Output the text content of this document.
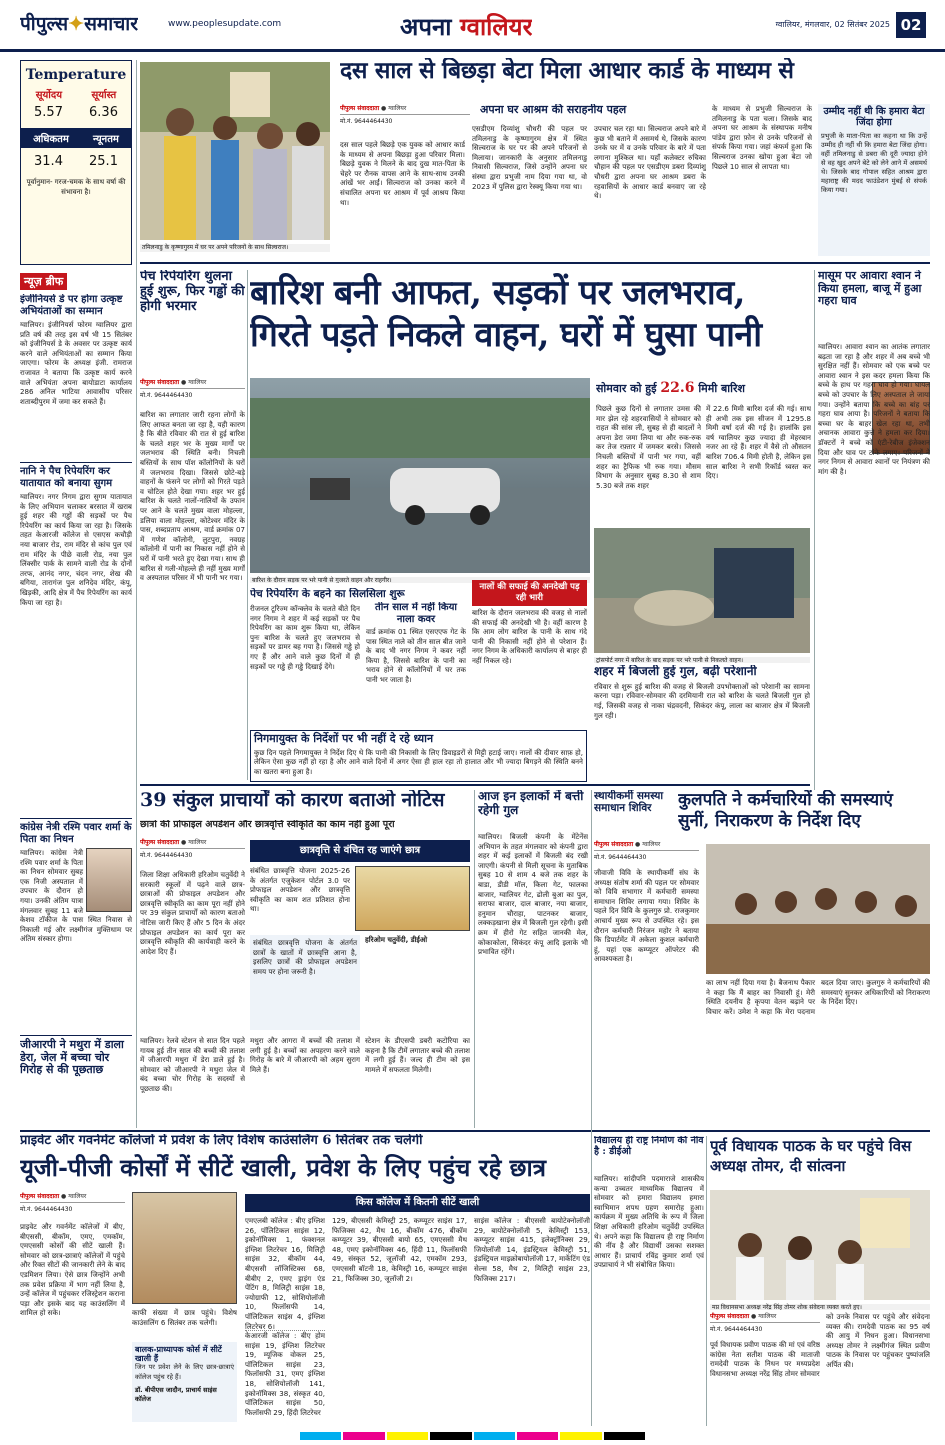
पीपुल्स✦समाचार	www.peoplesupdate.com	अपना ग्वालियर	ग्वालियर, मंगलवार, 02 सितंबर 2025 02
Temperature
सूर्योदय	सूर्यास्त
5.57 6.36
अधिकतम न्यूनतम
31.4 25.1
पूर्वानुमान- गरज-चमक के साथ वर्षा की संभावना है।
न्यूज़ ब्रीफ
इंजीनियर्स डे पर होगा उत्कृष्ट अभियंताओं का सम्मान
ग्वालियर। इंजीनियर्स फोरम ग्वालियर द्वारा प्रति वर्ष की तरह इस वर्ष भी 15 सितंबर को इंजीनियर्स डे के अवसर पर उत्कृष्ट कार्य करने वाले अभियंताओं का सम्मान किया जाएगा। फोरम के अध्यक्ष इंजी. रामराज राजावत ने बताया कि उत्कृष्ट कार्य करने वाले अभियंता अपना बायोडाटा कार्यालय 286 अनिल भाटिया आवासीय परिसर शताब्दीपुरम में जमा कर सकते हैं।
नानि ने पैच रिपेयरिंग कर यातायात को बनाया सुगम
ग्वालियर। नगर निगम द्वारा सुगम यातायात के लिए अभियान चलाकर बरसात में खराब हुई शहर की गड्ढों की सड़कों पर पैच रिपेयरिंग का कार्य किया जा रहा है। जिसके तहत केआरजी कॉलेज से एसएस कचौड़ी नया बाजार रोड, राम मंदिर से कांच पुल एवं राम मंदिर के पीछे वाली रोड, नया पुल लिंक्सीर पार्क के सामने वाली रोड के दोनों तरफ, आनंद नगर, चंदन नगर, शेख की बगिया, तारागंज पुल शनिदेव मंदिर, कंपू, खिड़की, आदि क्षेत्र में पैच रिपेयरिंग का कार्य किया जा रहा है।
कांग्रेस नेत्री रश्मि पवार शर्मा के पिता का निधन
ग्वालियर। कांग्रेस नेत्री रश्मि पवार शर्मा के पिता का निधन सोमवार सुबह एक निजी अस्पताल में उपचार के दौरान हो गया। उनकी अंतिम यात्रा मंगलवार सुबह 11 बजे केशव टॉकीज के पास स्थित निवास से निकाली गई और लक्ष्मीगंज मुक्तिधाम पर अंतिम संस्कार होगा।
जीआरपी ने मथुरा में डाला डेरा, जेल में बच्चा चोर गिरोह से की पूछताछ
तमिलनाडु के कृष्णागुरम में घर पर अपने परिजनों के साथ सिल्वराज।
दस साल से बिछड़ा बेटा मिला आधार कार्ड के माध्यम से
पीपुल्स संवाददाता ● ग्वालियर
मो.नं. 9644464430
अपना घर आश्रम की सराहनीय पहल
दस साल पहले बिछड़े एक युवक को आधार कार्ड के माध्यम से अपना बिछड़ा हुआ परिवार मिला। बिछड़े युवक ने मिलने के बाद दुख मात-पिता के चेहरे पर रौनक वापस आने के साथ-साथ उनकी आंखें भर आईं। सिल्वराज को उनका करने में संचालित अपना घर आश्रम में पूर्व आश्रय किया था।
एसडीएम दिव्यांशु चौधरी की पहल पर तमिलनाडु के कृष्णागुरम क्षेत्र में स्थित सिल्वराज के घर पर की अपने परिजनों से मिलाया। जानकारी के अनुसार तमिलनाडु निवासी सिल्वराज, जिसे उन्होंने अपना घर संस्था द्वारा प्रभुजी नाम दिया गया था, वो 2023 में पुलिस द्वारा रेस्क्यू किया गया था।
उपचार चल रहा था। सिल्वराज अपने बारे में कुछ भी बताने में असमर्थ थे, जिसके कारण उनके घर में व उनके परिवार के बारे में पता लगाना मुश्किल था। यहाँ कलेक्टर रुचिका चौहान की पहल पर एसडीएम डबरा दिव्यांशु चौधरी द्वारा अपना घर आश्रम डबरा के रहवासियों के आधार कार्ड बनवाए जा रहे थे।
के माध्यम से प्रभुजी सिल्वराज के तमिलनाडु के पता चला। जिसके बाद अपना घर आश्रम के संस्थापक मनीष पांडेय द्वारा फ़ोन से उनके परिजनों से संपर्क किया गया। जहां कंफर्म हुआ कि सिल्वराज उनका खोया हुआ बेटा जो पिछले 10 साल से लापता था।
उम्मीद नहीं थी कि हमारा बेटा जिंदा होगा
प्रभुजी के माता-पिता का कहना था कि उन्हें उम्मीद ही नहीं थी कि हमारा बेटा जिंदा होगा। वहीं तमिलनाडु से डबरा की दूरी ज्यादा होने से वह खुद अपने बेटे को लेने आने में असमर्थ थे। जिसके बाद गोपाल सहित आश्रम द्वारा महाराष्ट्र की मदद फाउंडेशन मुंबई से संपर्क किया गया।
पेच रिपेयरिंग थुलना हुई शुरू, फिर गड्ढों की होगी भरमार
पीपुल्स संवाददाता ● ग्वालियर
मो.नं. 9644464430
बारिश का लगातार जारी रहना लोगों के लिए आफत बनता जा रहा है, यही कारण है कि बीते रविवार की रात से हुई बारिश के चलते शहर भर के मुख्य मार्गों पर जलभराव की स्थिति बनी। निचली बस्तियों के साथ पॉश कॉलोनियों के घरों में जलभराव दिखा। जिससे छोटे-बड़े वाहनों के फंसने पर लोगों को गिरते पड़ते व चोटिल होते देखा गया। शहर भर हुई बारिश के चलते नालों-नालियों के उफान पर आने के चलते मुख्य वाला मोहल्ला, डलिया वाला मोहल्ला, कोटेश्वर मंदिर के पास, शब्दप्रताप आश्रम, वार्ड क्रमांक 07 में गणेश कॉलोनी, लुटपुरा, नवग्रह कॉलोनी में पानी का निकास नहीं होने से घरों में पानी भरते हुए देखा गया। साथ ही बारिश से गली-मोहल्ले ही नहीं मुख्य मार्गों व अस्पताल परिसर में भी पानी भर गया।
बारिश बनी आफत, सड़कों पर जलभराव, गिरते पड़ते निकले वाहन, घरों में घुसा पानी
बारिश के दौरान सड़क पर भरे पानी से गुजरते वाहन और राहगीर।
मासूम पर आवारा श्वान ने किया हमला, बाजू में हुआ गहरा घाव
ग्वालियर। आवारा श्वान का आतंक लगातार बढ़ता जा रहा है और शहर में अब बच्चे भी सुरक्षित नहीं हैं। सोमवार को एक बच्चे पर आवारा श्वान ने इस कदर हमला किया कि बच्चे के हाथ पर गहरा घाव हो गया। घायल बच्चे को उपचार के लिए अस्पताल ले जाया गया। उन्होंने बताया कि बच्चे का बांह पर गहरा घाव आया है। परिजनों ने बताया कि बच्चा घर के बाहर खेल रहा था, तभी अचानक आवारा कुत्ते ने हमला कर दिया। डॉक्टरों ने बच्चे को एंटी-रेबीज इंजेक्शन दिया और घाव पर टांके लगाए। परिजनों ने नगर निगम से आवारा श्वानों पर नियंत्रण की मांग की है।
सोमवार को हुई 22.6 मिमी बारिश
पिछले कुछ दिनों से लगातार उमस की मार झेल रहे शहरवासियों ने सोमवार को राहत की सांस ली, सुबह से ही बादलों ने अपना डेरा जमा लिया था और रुक-रुक कर तेज रफ़्तार में जमकर बरसे। जिससे निचली बस्तियों में पानी भर गया, वहीं शहर का ट्रैफिक भी रुक गया। मौसम विभाग के अनुसार सुबह 8.30 से शाम 5.30 बजे तक शहर
में 22.6 मिमी बारिश दर्ज की गई। साथ ही अभी तक इस सीजन में 1295.8 मिमी वर्षा दर्ज की गई है। हालांकि इस वर्ष ग्वालियर कुछ ज्यादा ही मेहरबान नजर आ रहे हैं। शहर में वैसे तो औसतन बारिश 706.4 मिमी होती है, लेकिन इस साल बारिश ने सभी रिकॉर्ड ध्वस्त कर दिए।
पेच रिपेयरिंग के बहने का सिलसिला शुरू
रीजनल टूरिज्म कॉन्क्लेव के चलते बीते दिन नगर निगम ने शहर में कई सड़कों पर पैच रिपेयरिंग का काम शुरू किया था, लेकिन पुनः बारिश के चलते हुए जलभराव से सड़कों पर डामर बह गया है। जिससे गड्ढे हो गए हैं और आने वाले कुछ दिनों में ही सड़कों पर गड्ढे ही गड्ढे दिखाई देंगे।
तीन साल में नहीं किया नाला कवर
वार्ड क्रमांक 01 स्थित एसएएफ गेट के पास स्थित नाले को तीन साल बीत जाने के बाद भी नगर निगम ने कवर नहीं किया है, जिससे बारिश के पानी का भराव होने से कॉलोनियों में घर तक पानी भर जाता है।
नालों की सफाई की अनदेखी पड़ रही भारी
बारिश के दौरान जलभराव की वजह से नालों की सफाई की अनदेखी भी है। वहीं कारण है कि आम लोग बारिश के पानी के साथ गंदे पानी की निकासी नहीं होने से परेशान हैं। नगर निगम के अधिकारी कार्यालय से बाहर ही नहीं निकल रहे।	ट्रांसपोर्ट नगर में बारिश के बाद सड़क पर भरे पानी से निकलते वाहन।
निगमायुक्त के निर्देशों पर भी नहीं दे रहे ध्यान
कुछ दिन पहले निगमायुक्त ने निर्देश दिए थे कि पानी की निकासी के लिए डिवाइडरों से मिट्टी हटाई जाए। नालों की दीवार साफ़ हो, लेकिन ऐसा कुछ नहीं हो रहा है और आने वाले दिनों में अगर ऐसा ही हाल रहा तो हालात और भी ज्यादा बिगड़ने की स्थिति बनने का खतरा बना हुआ है।
शहर में बिजली हुई गुल, बढ़ी परेशानी
रविवार से शुरू हुई बारिश की वजह से बिजली उपभोक्ताओं को परेशानी का सामना करना पड़ा। रविवार-सोमवार की दरमियानी रात को बारिश के चलते बिजली गुल हो गई, जिसकी वजह से नाका चंद्रवदनी, सिकंदर कंपू, लाला का बाजार क्षेत्र में बिजली गुल रही।
39 संकुल प्राचार्यों को कारण बताओ नोटिस
छात्रों की प्रोफाइल अपडेशन और छात्रवृत्ति स्वीकृति का काम नहीं हुआ पूरा
पीपुल्स संवाददाता ● ग्वालियर
मो.नं. 9644464430	छात्रवृत्ति से वंचित रह जाएंगे छात्र
जिला शिक्षा अधिकारी हरिओम चतुर्वेदी ने सरकारी स्कूलों में पढ़ने वाले छात्र-छात्राओं की प्रोफाइल अपडेशन और छात्रवृत्ति स्वीकृति का काम पूरा नहीं होने पर 39 संकुल प्राचार्यों को कारण बताओ नोटिस जारी किए हैं और 5 दिन के अंदर प्रोफाइल अपडेशन का कार्य पूरा कर छात्रवृत्ति स्वीकृति की कार्यवाही करने के आदेश दिए हैं।
संबंधित छात्रवृत्ति योजना 2025-26 के अंतर्गत एजुकेशन पोर्टल 3.0 पर प्रोफाइल अपडेशन और छात्रवृत्ति स्वीकृति का काम शत प्रतिशत होना था।
संबंधित छात्रवृत्ति योजना के अंतर्गत छात्रों के खातों में छात्रवृत्ति आना है, इसलिए छात्रों की प्रोफाइल अपडेशन समय पर होना जरूरी है।
हरिओम चतुर्वेदी, डीईओ
आज इन इलाकों में बत्ती रहेगी गुल
ग्वालियर। बिजली कंपनी के मेंटेनेंस अभियान के तहत मंगलवार को कंपनी द्वारा शहर में कई इलाकों में बिजली बंद रखी जाएगी। कंपनी से मिली सूचना के मुताबिक सुबह 10 से शाम 4 बजे तक शहर के बाडा, डीडी मॉल, किला गेट, फालका बाजार, ग्वालियर गेट, ढोली बुआ का पुल, सराफा बाजार, दाल बाजार, नया बाजार, हनुमान चौराहा, पाटनकर बाजार, लक्कड़खाना क्षेत्र में बिजली गुल रहेगी। इसी क्रम में हीरो गेट सहित जानकी मेल, कोकाकोला, सिकंदर कंपू आदि इलाके भी प्रभावित रहेंगे।
स्थायीकर्मी समस्या समाधान शिविर
पीपुल्स संवाददाता ● ग्वालियर
मो.नं. 9644464430
जीवाजी विवि के स्थायीकर्मी संघ के अध्यक्ष संतोष शर्मा की पहल पर सोमवार को विवि सभागार में कर्मचारी समस्या समाधान शिविर लगाया गया। शिविर के पहले दिन विवि के कुलगुरु प्रो. राजकुमार आचार्य मुख्य रूप से उपस्थित रहे। इस दौरान कर्मचारी निरंजन महोर ने बताया कि डिपार्टमेंट में अकेला कुशल कर्मचारी हूं, यहां एक कम्प्यूटर ऑपरेटर की आवश्यकता है।
कुलपति ने कर्मचारियों की समस्याएं सुनीं, निराकरण के निर्देश दिए
का लाभ नहीं दिया गया है। बैजनाथ पैकार ने कहा कि मैं बाहर का निवासी हूं। मेरी स्थिति दयनीय है कृपया वेतन बढ़ाने पर विचार करें। उमेश ने कहा कि मेरा पदनाम बदल दिया जाए। कुलगुरु ने कर्मचारियों की समस्याएं सुनकर अधिकारियों को निराकरण के निर्देश दिए।
ग्वालियर। रेलवे स्टेशन से सात दिन पहले गायब हुई तीन साल की बच्ची की तलाश में जीआरपी मथुरा में डेरा डाले हुई है। सोमवार को जीआरपी ने मथुरा जेल में बंद बच्चा चोर गिरोह के सदस्यों से पूछताछ की।
मथुरा और आगरा में बच्चों की तलाश में लगी हुई है। बच्चों का अपहरण करने वाले गिरोह के बारे में जीआरपी को अहम सुराग मिले हैं।
स्टेशन के डीएसपी डबरी कटोरिया का कहना है कि टीमें लगातार बच्चे की तलाश में लगी हुई हैं। जल्द ही टीम को इस मामले में सफलता मिलेगी।
प्राइवेट और गवर्नमेंट कॉलेजों में प्रवेश के लिए विशेष काउंसलिंग 6 सितंबर तक चलेगी
यूजी-पीजी कोर्सों में सीटें खाली, प्रवेश के लिए पहुंच रहे छात्र
पीपुल्स संवाददाता ● ग्वालियर
मो.नं. 9644464430
प्राइवेट और गवर्नमेंट कॉलेजों में बीए, बीएससी, बीकॉम, एमए, एमकॉम, एमएससी कोर्सों की सीटें खाली हैं। सोमवार को छात्र-छात्राएं कॉलेजों में पहुंचे और रिक्त सीटों की जानकारी लेने के बाद एडमिशन लिया। ऐसे छात्र जिन्होंने अभी तक प्रवेश प्रक्रिया में भाग नहीं लिया है, उन्हें कॉलेज में पहुंचकर रजिस्ट्रेशन कराना पड़ा और इसके बाद यह काउंसलिंग में शामिल हो सके।	काफी संख्या में छात्र पहुंचे। विशेष काउंसलिंग 6 सितंबर तक चलेगी।
बालक-प्राध्यापक कोर्स में सीटें खाली हैं
जिन पर प्रवेश लेने के लिए छात्र-छात्राएं कॉलेज पहुंच रहे हैं।
डॉ. बीपीएस जादौन, प्राचार्य साइंस कॉलेज
किस कॉलेज में कितनी सीटें खाली
एमएलबी कॉलेज : बीए इग्लिश 26, पॉलिटिकल साइंस 12, इकोनॉमिक्स 1, फंक्शनल इंग्लिश लिटरेचर 16, मिलिट्री साइंस 32, बीकॉम 44, बीएससी लॉजिस्टिक्स 68, बीबीए 2, एमए ड्राइंग एंड पेंटिंग 8, मिलिट्री साइंस 18, ज्योग्राफी 12, सोशियोलॉजी 10, फिलॉसफी 14, पॉलिटिकल साइंस 4, इंग्लिश लिटरेचर 6।
केआरजी कॉलेज : बीए होम साइंस 19, इंग्लिश लिटरेचर 19, म्यूजिक वोकल 25, पॉलिटिकल साइंस 23, फिलॉसफी 31, एमए इंग्लिश 18, सोशियोलॉजी 141, इकोनॉमिक्स 38, संस्कृत 40, पॉलिटिकल साइंस 50, फिलॉसफी 29, हिंदी लिटरेचर
129, बीएससी केमिस्ट्री 25, कम्प्यूटर साइंस 17, फिजिक्स 42, मैथ 16, बीकॉम 476, बीकॉम कम्प्यूटर 39, बीएससी बायो 65, एमएससी मैथ 48, एमए इकोनॉमिक्स 46, हिंदी 11, फिलॉसफी 49, संस्कृत 52, जूलॉजी 42, एमकॉम 293, एमएससी बॉटनी 18, केमिस्ट्री 16, कम्प्यूटर साइंस 21, फिजिक्स 30, जूलॉजी 2।
साइंस कॉलेज : बीएससी बायोटेक्नोलॉजी 29, बायोटेक्नोलॉजी 5, केमिस्ट्री 153, कम्प्यूटर साइंस 415, इलेक्ट्रॉनिक्स 29, जियोलॉजी 14, इंडस्ट्रियल केमिस्ट्री 51, इंडस्ट्रियल माइक्रोबायोलॉजी 17, मार्केटिंग एंड सेल्स 58, मैथ 2, मिलिट्री साइंस 23, फिजिक्स 217।
विद्यालय ही राष्ट्र निर्माण की नींव है : डीईओ
ग्वालियर। सांदीपनि पदमाराजे शासकीय कन्या उच्चतर माध्यमिक विद्यालय में सोमवार को हमारा विद्यालय हमारा स्वाभिमान शपथ ग्रहण समारोह हुआ। कार्यक्रम में मुख्य अतिथि के रूप में जिला शिक्षा अधिकारी हरिओम चतुर्वेदी उपस्थित थे। अपने कहा कि विद्यालय ही राष्ट्र निर्माण की नींव है और विद्यार्थी उसका सशक्त आधार हैं। प्राचार्य रविंद्र कुमार शर्मा एवं उपप्राचार्य ने भी संबोधित किया।
पूर्व विधायक पाठक के घर पहुंचे विस अध्यक्ष तोमर, दी सांत्वना
मप्र विधानसभा अध्यक्ष नरेंद्र सिंह तोमर शोक संवेदना व्यक्त करते हुए।
पीपुल्स संवाददाता ● ग्वालियर
मो.नं. 9644464430
पूर्व विधायक प्रवीण पाठक की मां एवं वरिष्ठ कांग्रेस नेता सतीश पाठक की माताजी रामदेवी पाठक के निधन पर मध्यप्रदेश विधानसभा अध्यक्ष नरेंद्र सिंह तोमर सोमवार
को उनके निवास पर पहुंचे और संवेदना व्यक्त की। रामदेवी पाठक का 95 वर्ष की आयु में निधन हुआ। विधानसभा अध्यक्ष तोमर ने लक्ष्मीगंज स्थित प्रवीण पाठक के निवास पर पहुंचकर पुष्पांजलि अर्पित की।
